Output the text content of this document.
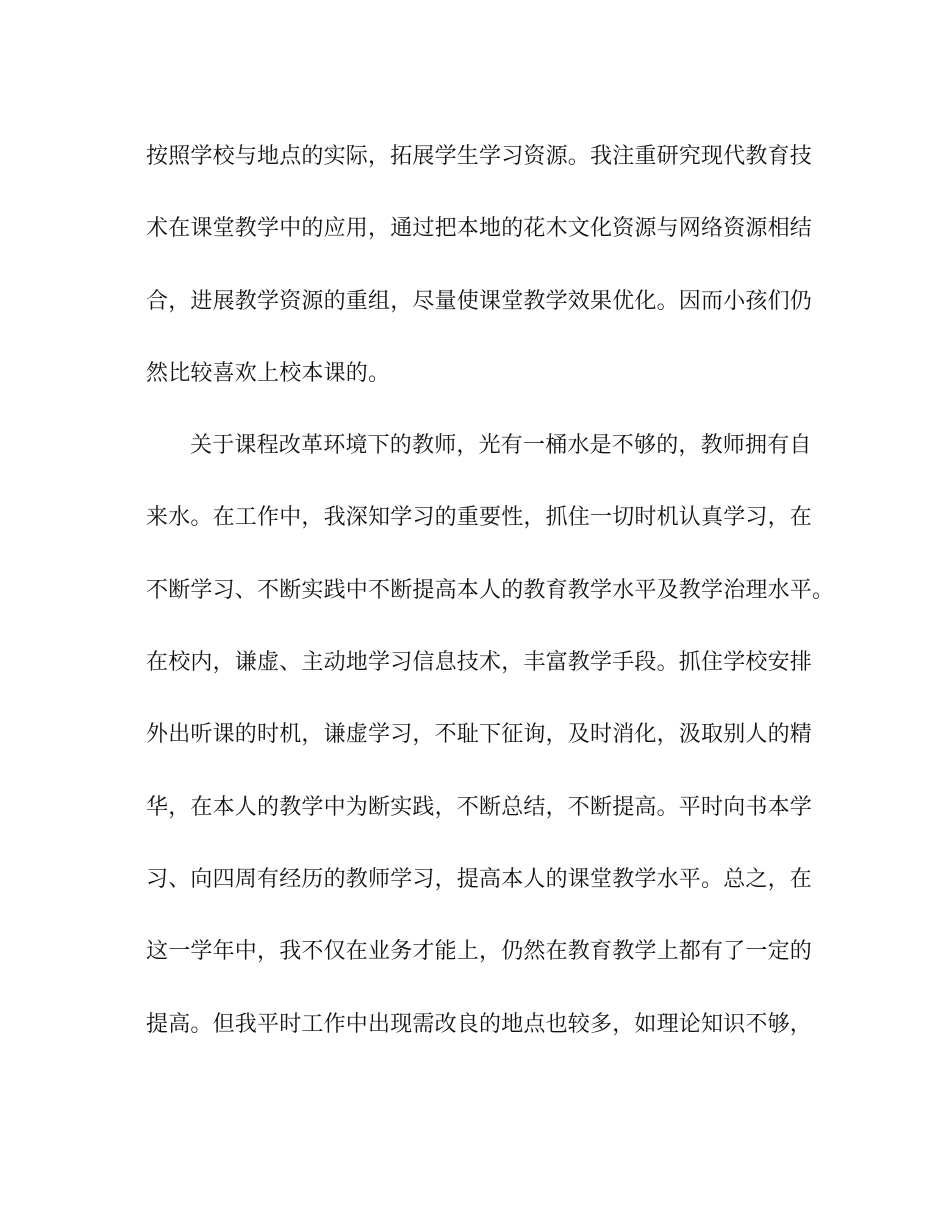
按照学校与地点的实际，拓展学生学习资源。我注重研究现代教育技
术在课堂教学中的应用，通过把本地的花木文化资源与网络资源相结
合，进展教学资源的重组，尽量使课堂教学效果优化。因而小孩们仍
然比较喜欢上校本课的。
关于课程改革环境下的教师，光有一桶水是不够的，教师拥有自
来水。在工作中，我深知学习的重要性，抓住一切时机认真学习，在
不断学习、不断实践中不断提高本人的教育教学水平及教学治理水平。
在校内，谦虚、主动地学习信息技术，丰富教学手段。抓住学校安排
外出听课的时机，谦虚学习，不耻下征询，及时消化，汲取别人的精
华，在本人的教学中为断实践，不断总结，不断提高。平时向书本学
习、向四周有经历的教师学习，提高本人的课堂教学水平。总之，在
这一学年中，我不仅在业务才能上，仍然在教育教学上都有了一定的
提高。但我平时工作中出现需改良的地点也较多，如理论知识不够，
